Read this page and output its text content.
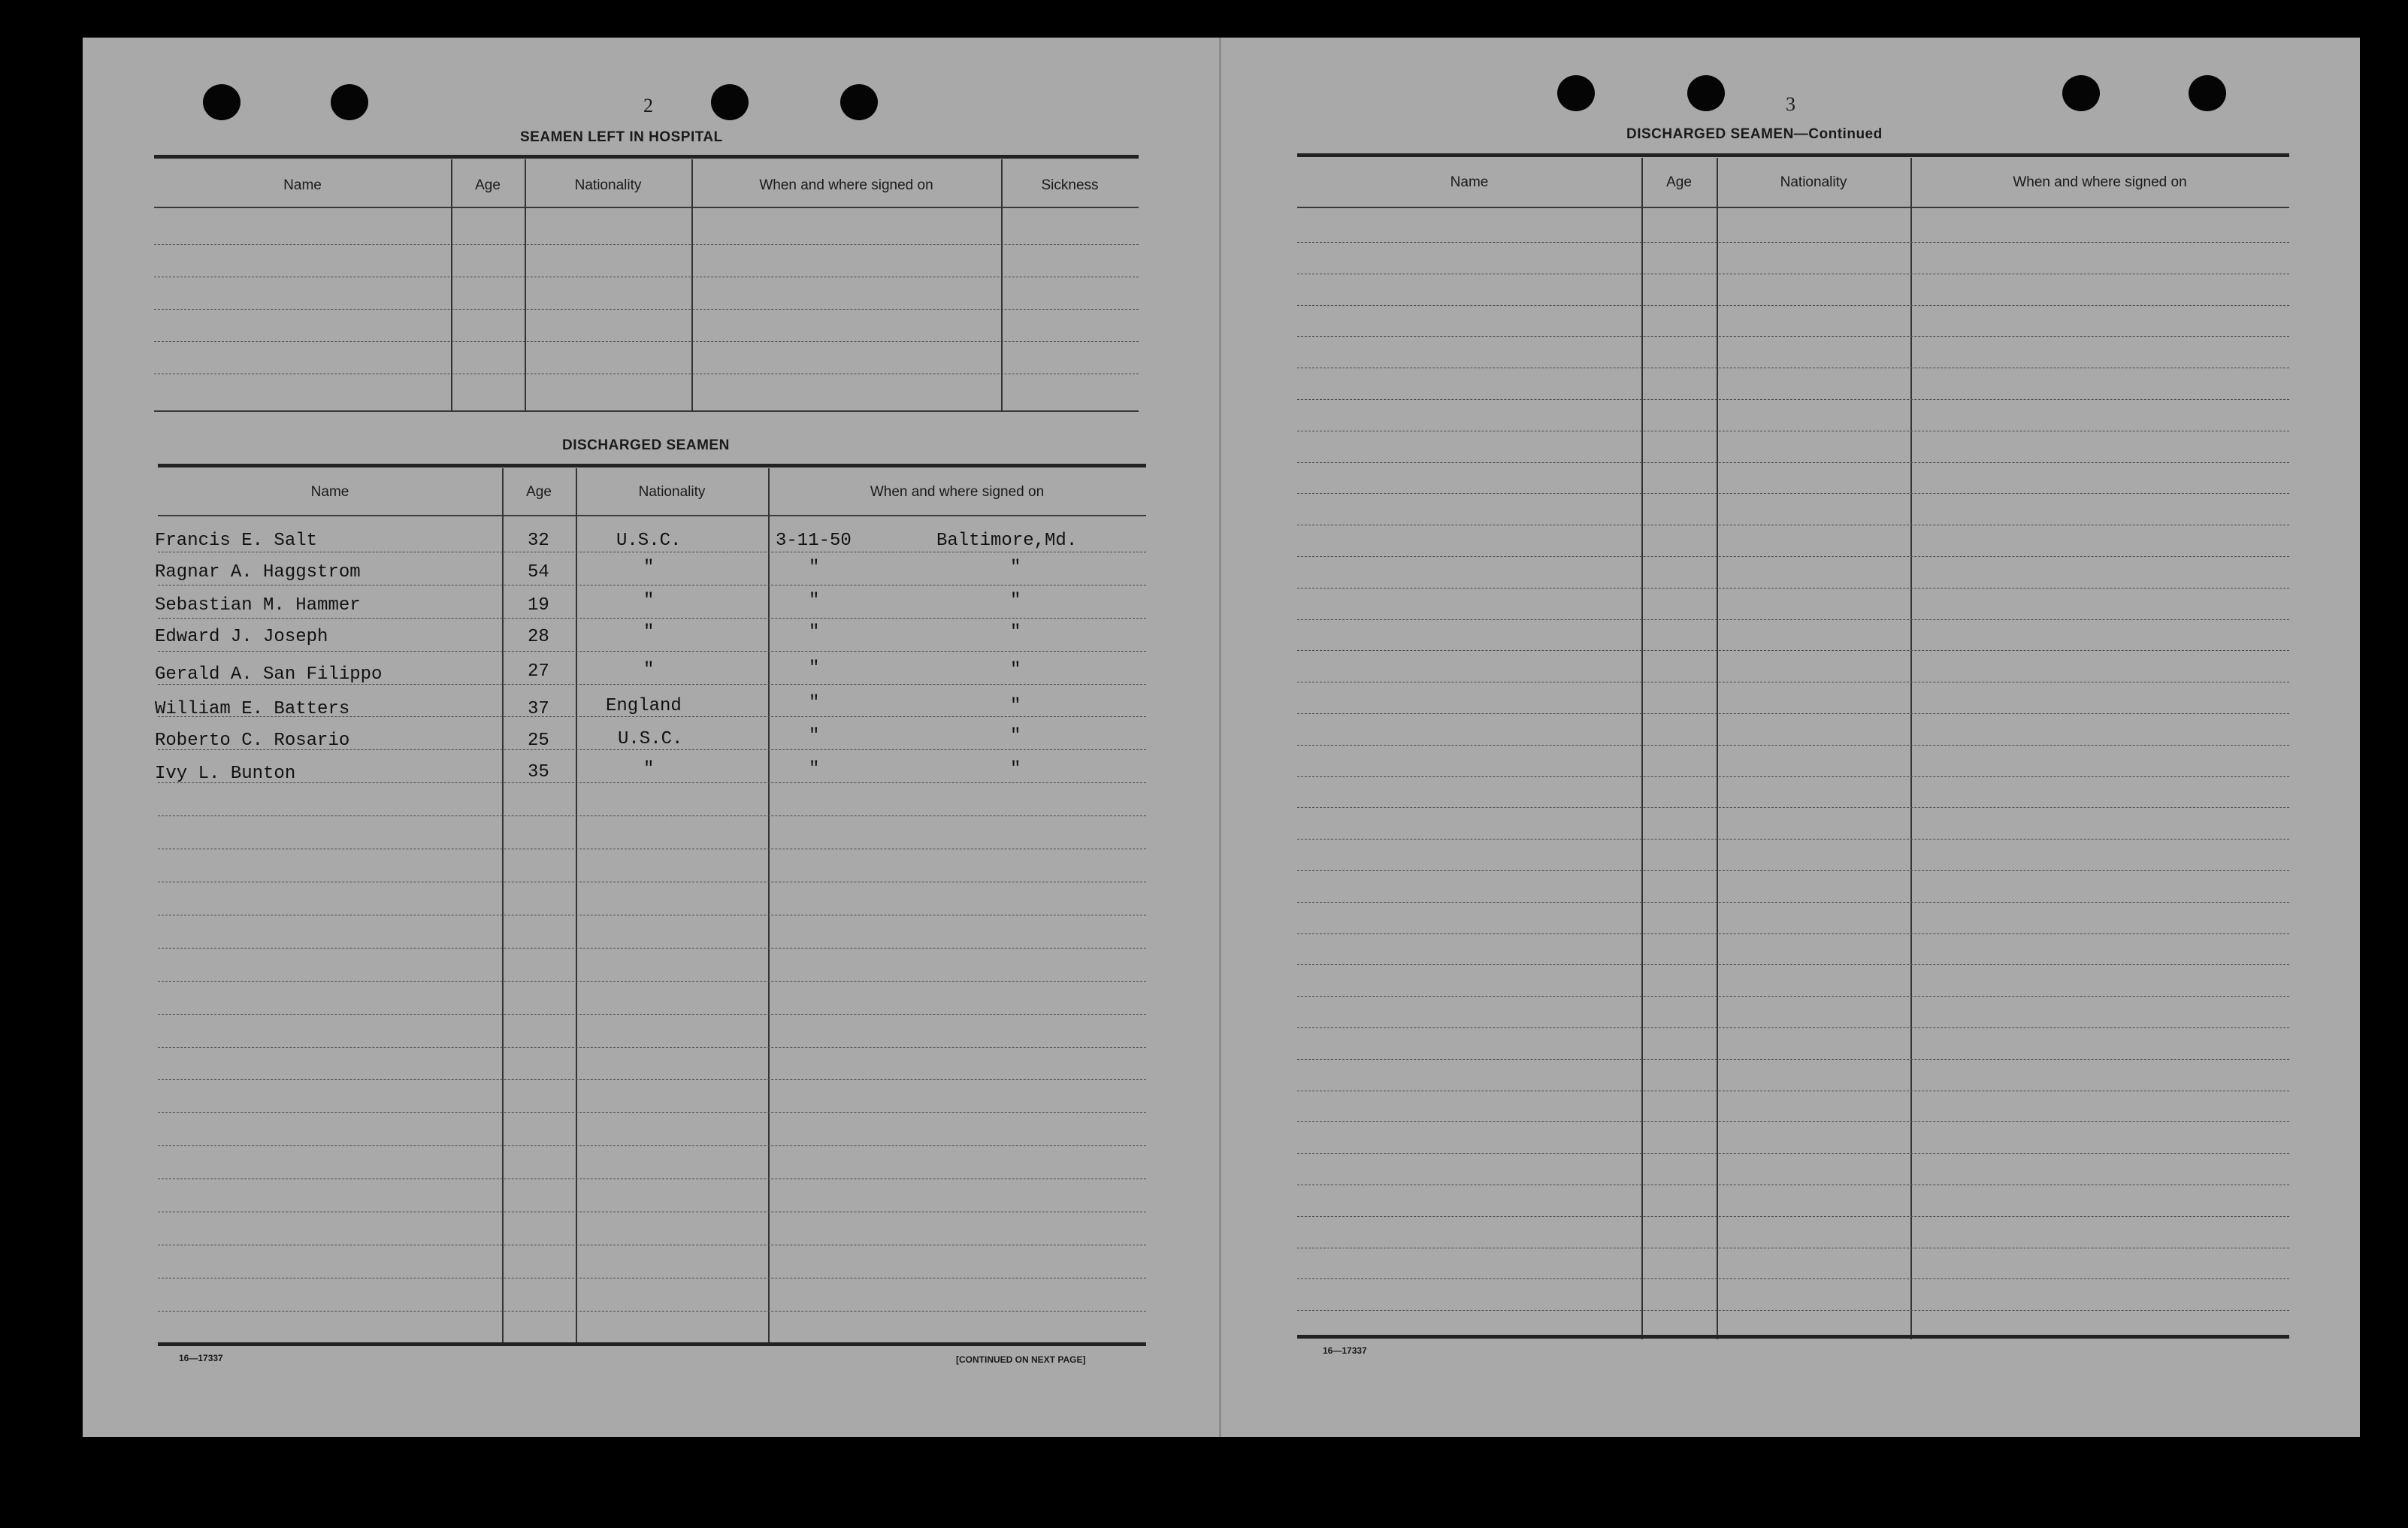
2
SEAMEN LEFT IN HOSPITAL
Name	Age	Nationality	When and where signed on	Sickness
DISCHARGED SEAMEN
Name	Age	Nationality	When and where signed on
Francis E. Salt	32	U.S.C.	3-11-50	Baltimore,Md.
Ragnar A. Haggstrom	54	"	"	"
Sebastian M. Hammer	19	"	"	"
Edward J. Joseph	28	"	"	"
Gerald A. San Filippo	27	"	"	"
William E. Batters	37	England	"	"
Roberto C. Rosario	25	U.S.C.	"	"
Ivy L. Bunton	35	"	"	"
16—17337	[CONTINUED ON NEXT PAGE]
3
DISCHARGED SEAMEN—Continued
Name	Age	Nationality	When and where signed on
16—17337
